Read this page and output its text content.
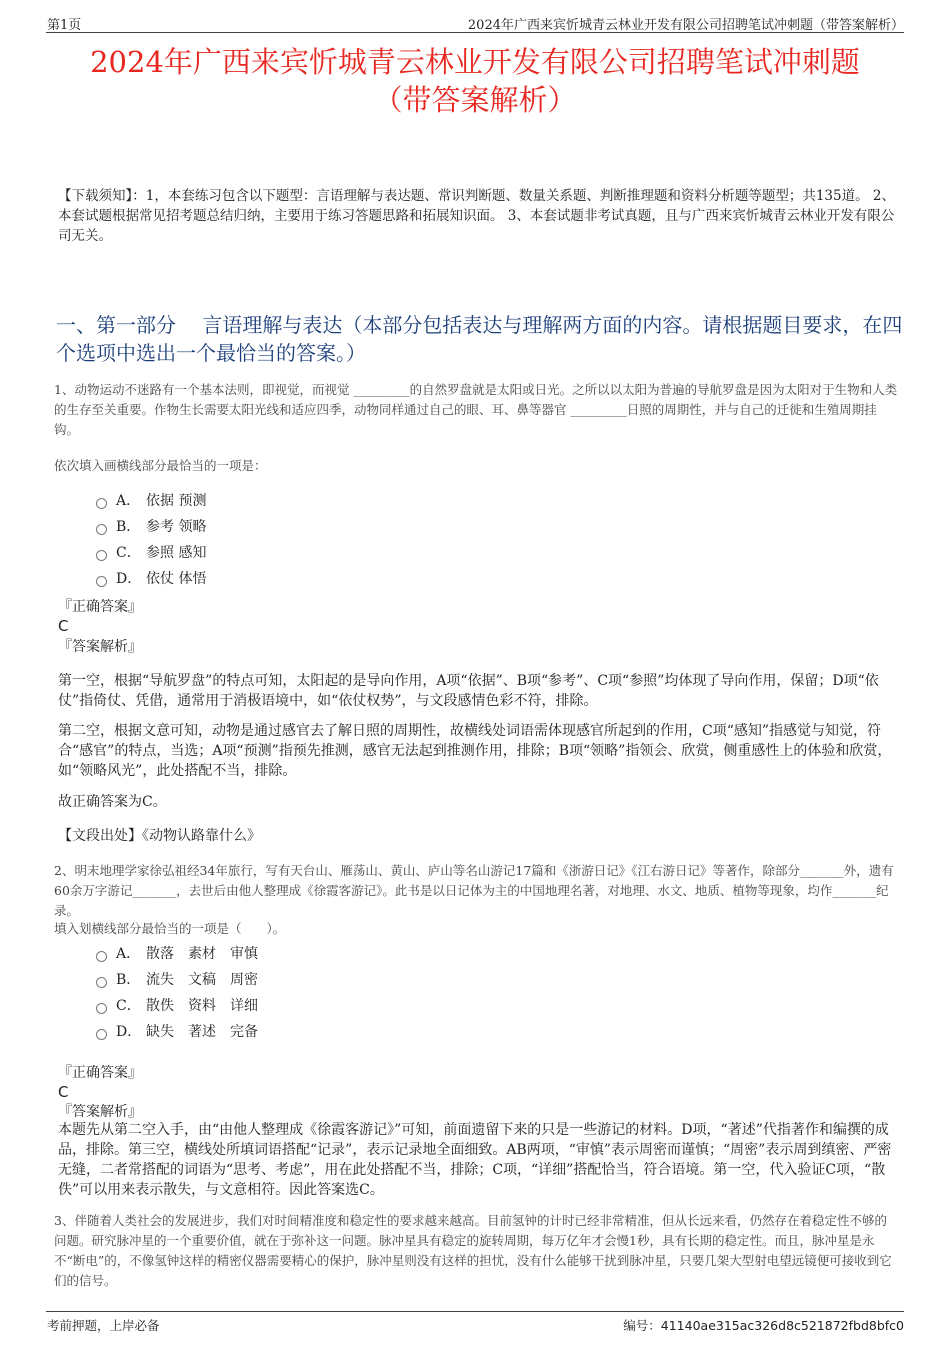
第1页	2024年广西来宾忻城青云林业开发有限公司招聘笔试冲刺题（带答案解析）
2024年广西来宾忻城青云林业开发有限公司招聘笔试冲刺题
（带答案解析）
【下载须知】：1，本套练习包含以下题型：言语理解与表达题、常识判断题、数量关系题、判断推理题和资料分析题等题型；共135道。 2、本套试题根据常见招考题总结归纳，主要用于练习答题思路和拓展知识面。 3、本套试题非考试真题，且与广西来宾忻城青云林业开发有限公司无关。
一、第一部分　 言语理解与表达（本部分包括表达与理解两方面的内容。请根据题目要求，在四个选项中选出一个最恰当的答案。）
1、动物运动不迷路有一个基本法则，即视觉，而视觉 _________的自然罗盘就是太阳或日光。之所以以太阳为普遍的导航罗盘是因为太阳对于生物和人类的生存至关重要。作物生长需要太阳光线和适应四季，动物同样通过自己的眼、耳、鼻等器官 _________日照的周期性，并与自己的迁徙和生殖周期挂钩。
依次填入画横线部分最恰当的一项是：
A． 依据 预测
B． 参考 领略
C． 参照 感知
D． 依仗 体悟
『正确答案』
C
『答案解析』
第一空，根据“导航罗盘”的特点可知，太阳起的是导向作用，A项“依据”、B项“参考”、C项“参照”均体现了导向作用，保留；D项“依仗”指倚仗、凭借，通常用于消极语境中，如“依仗权势”，与文段感情色彩不符，排除。
第二空，根据文意可知，动物是通过感官去了解日照的周期性，故横线处词语需体现感官所起到的作用，C项“感知”指感觉与知觉，符合“感官”的特点，当选；A项“预测”指预先推测，感官无法起到推测作用，排除；B项“领略”指领会、欣赏，侧重感性上的体验和欣赏，如“领略风光”，此处搭配不当，排除。
故正确答案为C。
【文段出处】《动物认路靠什么》
2、明末地理学家徐弘祖经34年旅行，写有天台山、雁荡山、黄山、庐山等名山游记17篇和《浙游日记》《江右游日记》等著作，除部分_______外，遗有60余万字游记_______，去世后由他人整理成《徐霞客游记》。此书是以日记体为主的中国地理名著，对地理、水文、地质、植物等现象，均作_______纪录。
填入划横线部分最恰当的一项是（　　）。
A． 散落　素材　审慎
B． 流失　文稿　周密
C． 散佚　资料　详细
D． 缺失　著述　完备
『正确答案』
C
『答案解析』
本题先从第二空入手，由“由他人整理成《徐霞客游记》”可知，前面遗留下来的只是一些游记的材料。D项，“著述”代指著作和编撰的成品，排除。第三空，横线处所填词语搭配“记录”，表示记录地全面细致。AB两项，“审慎”表示周密而谨慎；“周密”表示周到缜密、严密无缝，二者常搭配的词语为“思考、考虑”，用在此处搭配不当，排除；C项，“详细”搭配恰当，符合语境。第一空，代入验证C项，“散佚”可以用来表示散失，与文意相符。因此答案选C。
3、伴随着人类社会的发展进步，我们对时间精准度和稳定性的要求越来越高。目前氢钟的计时已经非常精准，但从长远来看，仍然存在着稳定性不够的问题。研究脉冲星的一个重要价值，就在于弥补这一问题。脉冲星具有稳定的旋转周期，每万亿年才会慢1秒，具有长期的稳定性。而且，脉冲星是永不“断电”的，不像氢钟这样的精密仪器需要精心的保护，脉冲星则没有这样的担忧，没有什么能够干扰到脉冲星，只要几架大型射电望远镜便可接收到它们的信号。
考前押题，上岸必备	编号：41140ae315ac326d8c521872fbd8bfc0
